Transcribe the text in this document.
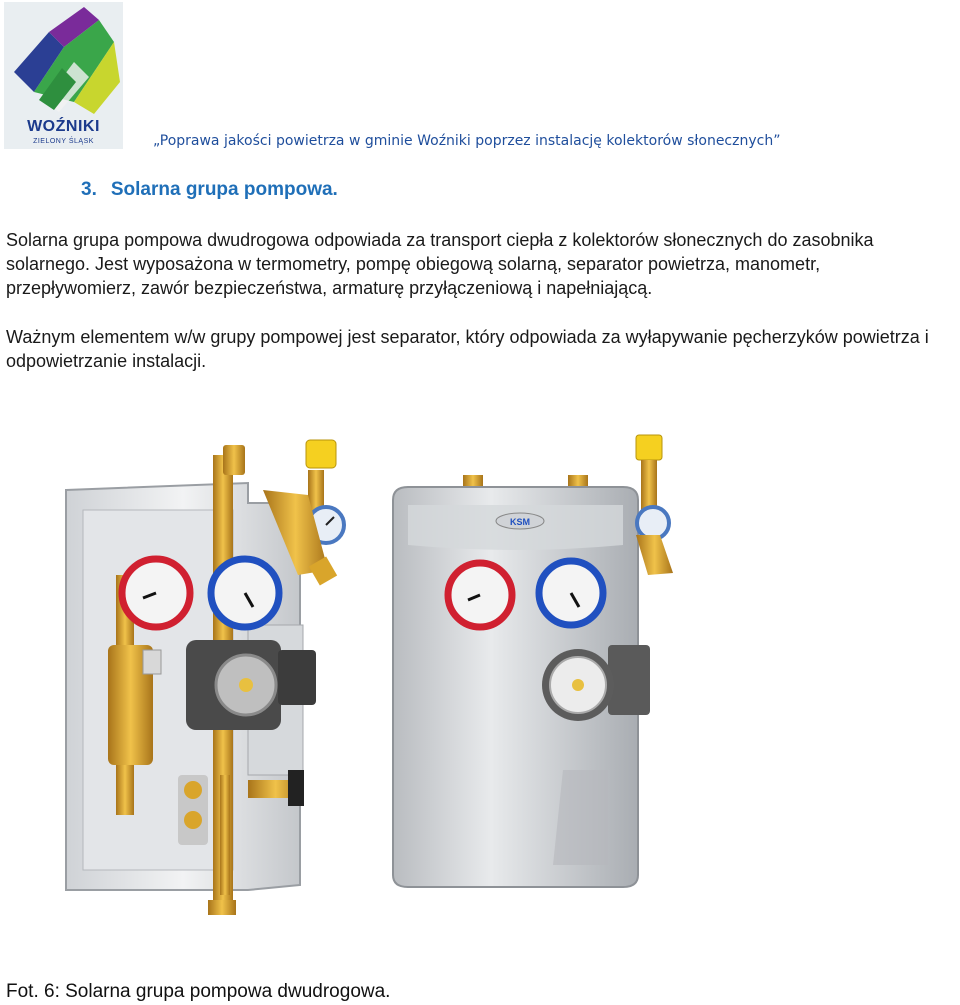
WOŹNIKI
ZIELONY ŚLĄSK	„Poprawa jakości powietrza w gminie Woźniki poprzez instalację kolektorów słonecznych”
3. Solarna grupa pompowa.
Solarna grupa pompowa dwudrogowa odpowiada za transport ciepła z kolektorów słonecznych do zasobnika solarnego. Jest wyposażona w termometry, pompę obiegową solarną, separator powietrza, manometr, przepływomierz, zawór bezpieczeństwa, armaturę przyłączeniową i napełniającą.
Ważnym elementem w/w grupy pompowej jest separator, który odpowiada za wyłapywanie pęcherzyków powietrza i odpowietrzanie instalacji.
KSM
Fot. 6: Solarna grupa pompowa dwudrogowa.
